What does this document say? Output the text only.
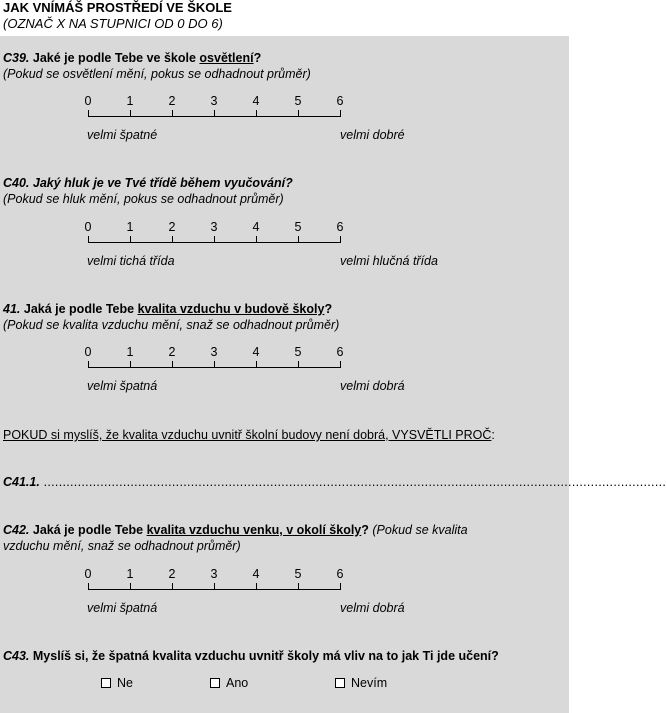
JAK VNÍMÁŠ PROSTŘEDÍ VE ŠKOLE
(OZNAČ X NA STUPNICI OD 0 DO 6)
C39. Jaké je podle Tebe ve škole osvětlení?
(Pokud se osvětlení mění, pokus se odhadnout průměr)
velmi špatné	velmi dobré
0	1	2	3	4	5	6
C40. Jaký hluk je ve Tvé třídě během vyučování?
(Pokud se hluk mění, pokus se odhadnout průměr)
velmi tichá třída	velmi hlučná třída
0	1	2	3	4	5	6
41. Jaká je podle Tebe kvalita vzduchu v budově školy?
(Pokud se kvalita vzduchu mění, snaž se odhadnout průměr)
velmi špatná	velmi dobrá
0	1	2	3	4	5	6
POKUD si myslíš, že kvalita vzduchu uvnitř školní budovy není dobrá, VYSVĚTLI PROČ:
C41.1. .....................................................................................................................................................................
C42. Jaká je podle Tebe kvalita vzduchu venku, v okolí školy? (Pokud se kvalita
vzduchu mění, snaž se odhadnout průměr)
velmi špatná	velmi dobrá
0	1	2	3	4	5	6
C43. Myslíš si, že špatná kvalita vzduchu uvnitř školy má vliv na to jak Ti jde učení?
Ne	Ano	Nevím
